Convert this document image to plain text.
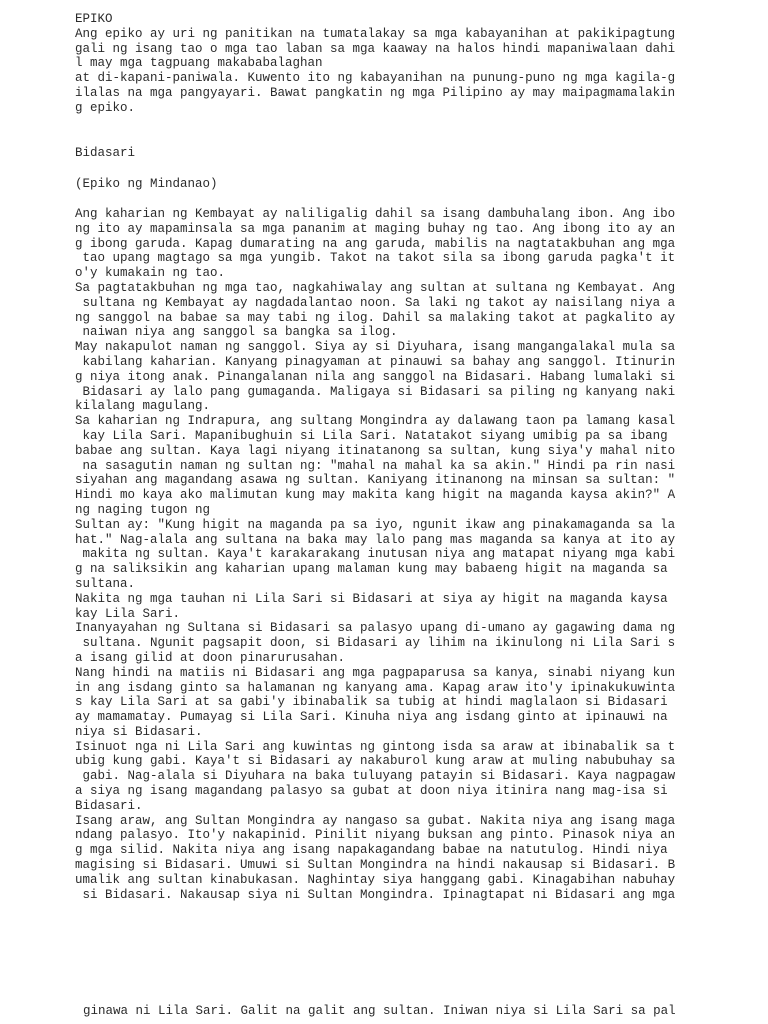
EPIKO
Ang epiko ay uri ng panitikan na tumatalakay sa mga kabayanihan at pakikipagtung
gali ng isang tao o mga tao laban sa mga kaaway na halos hindi mapaniwalaan dahi
l may mga tagpuang makababalaghan
at di-kapani-paniwala. Kuwento ito ng kabayanihan na punung-puno ng mga kagila-g
ilalas na mga pangyayari. Bawat pangkatin ng mga Pilipino ay may maipagmamalakin
g epiko.
Bidasari
(Epiko ng Mindanao)
Ang kaharian ng Kembayat ay naliligalig dahil sa isang dambuhalang ibon. Ang ibo
ng ito ay mapaminsala sa mga pananim at maging buhay ng tao. Ang ibong ito ay an
g ibong garuda. Kapag dumarating na ang garuda, mabilis na nagtatakbuhan ang mga
tao upang magtago sa mga yungib. Takot na takot sila sa ibong garuda pagka't it
o'y kumakain ng tao.
Sa pagtatakbuhan ng mga tao, nagkahiwalay ang sultan at sultana ng Kembayat. Ang
sultana ng Kembayat ay nagdadalantao noon. Sa laki ng takot ay naisilang niya a
ng sanggol na babae sa may tabi ng ilog. Dahil sa malaking takot at pagkalito ay
naiwan niya ang sanggol sa bangka sa ilog.
May nakapulot naman ng sanggol. Siya ay si Diyuhara, isang mangangalakal mula sa
kabilang kaharian. Kanyang pinagyaman at pinauwi sa bahay ang sanggol. Itinurin
g niya itong anak. Pinangalanan nila ang sanggol na Bidasari. Habang lumalaki si
Bidasari ay lalo pang gumaganda. Maligaya si Bidasari sa piling ng kanyang naki
kilalang magulang.
Sa kaharian ng Indrapura, ang sultang Mongindra ay dalawang taon pa lamang kasal
kay Lila Sari. Mapanibughuin si Lila Sari. Natatakot siyang umibig pa sa ibang
babae ang sultan. Kaya lagi niyang itinatanong sa sultan, kung siya'y mahal nito
na sasagutin naman ng sultan ng: "mahal na mahal ka sa akin." Hindi pa rin nasi
siyahan ang magandang asawa ng sultan. Kaniyang itinanong na minsan sa sultan: "
Hindi mo kaya ako malimutan kung may makita kang higit na maganda kaysa akin?" A
ng naging tugon ng
Sultan ay: "Kung higit na maganda pa sa iyo, ngunit ikaw ang pinakamaganda sa la
hat." Nag-alala ang sultana na baka may lalo pang mas maganda sa kanya at ito ay
makita ng sultan. Kaya't karakarakang inutusan niya ang matapat niyang mga kabi
g na saliksikin ang kaharian upang malaman kung may babaeng higit na maganda sa
sultana.
Nakita ng mga tauhan ni Lila Sari si Bidasari at siya ay higit na maganda kaysa
kay Lila Sari.
Inanyayahan ng Sultana si Bidasari sa palasyo upang di-umano ay gagawing dama ng
sultana. Ngunit pagsapit doon, si Bidasari ay lihim na ikinulong ni Lila Sari s
a isang gilid at doon pinarurusahan.
Nang hindi na matiis ni Bidasari ang mga pagpaparusa sa kanya, sinabi niyang kun
in ang isdang ginto sa halamanan ng kanyang ama. Kapag araw ito'y ipinakukuwinta
s kay Lila Sari at sa gabi'y ibinabalik sa tubig at hindi maglalaon si Bidasari
ay mamamatay. Pumayag si Lila Sari. Kinuha niya ang isdang ginto at ipinauwi na
niya si Bidasari.
Isinuot nga ni Lila Sari ang kuwintas ng gintong isda sa araw at ibinabalik sa t
ubig kung gabi. Kaya't si Bidasari ay nakaburol kung araw at muling nabubuhay sa
gabi. Nag-alala si Diyuhara na baka tuluyang patayin si Bidasari. Kaya nagpagaw
a siya ng isang magandang palasyo sa gubat at doon niya itinira nang mag-isa si
Bidasari.
Isang araw, ang Sultan Mongindra ay nangaso sa gubat. Nakita niya ang isang maga
ndang palasyo. Ito'y nakapinid. Pinilit niyang buksan ang pinto. Pinasok niya an
g mga silid. Nakita niya ang isang napakagandang babae na natutulog. Hindi niya
magising si Bidasari. Umuwi si Sultan Mongindra na hindi nakausap si Bidasari. B
umalik ang sultan kinabukasan. Naghintay siya hanggang gabi. Kinagabihan nabuhay
si Bidasari. Nakausap siya ni Sultan Mongindra. Ipinagtapat ni Bidasari ang mga
ginawa ni Lila Sari. Galit na galit ang sultan. Iniwan niya si Lila Sari sa pal
